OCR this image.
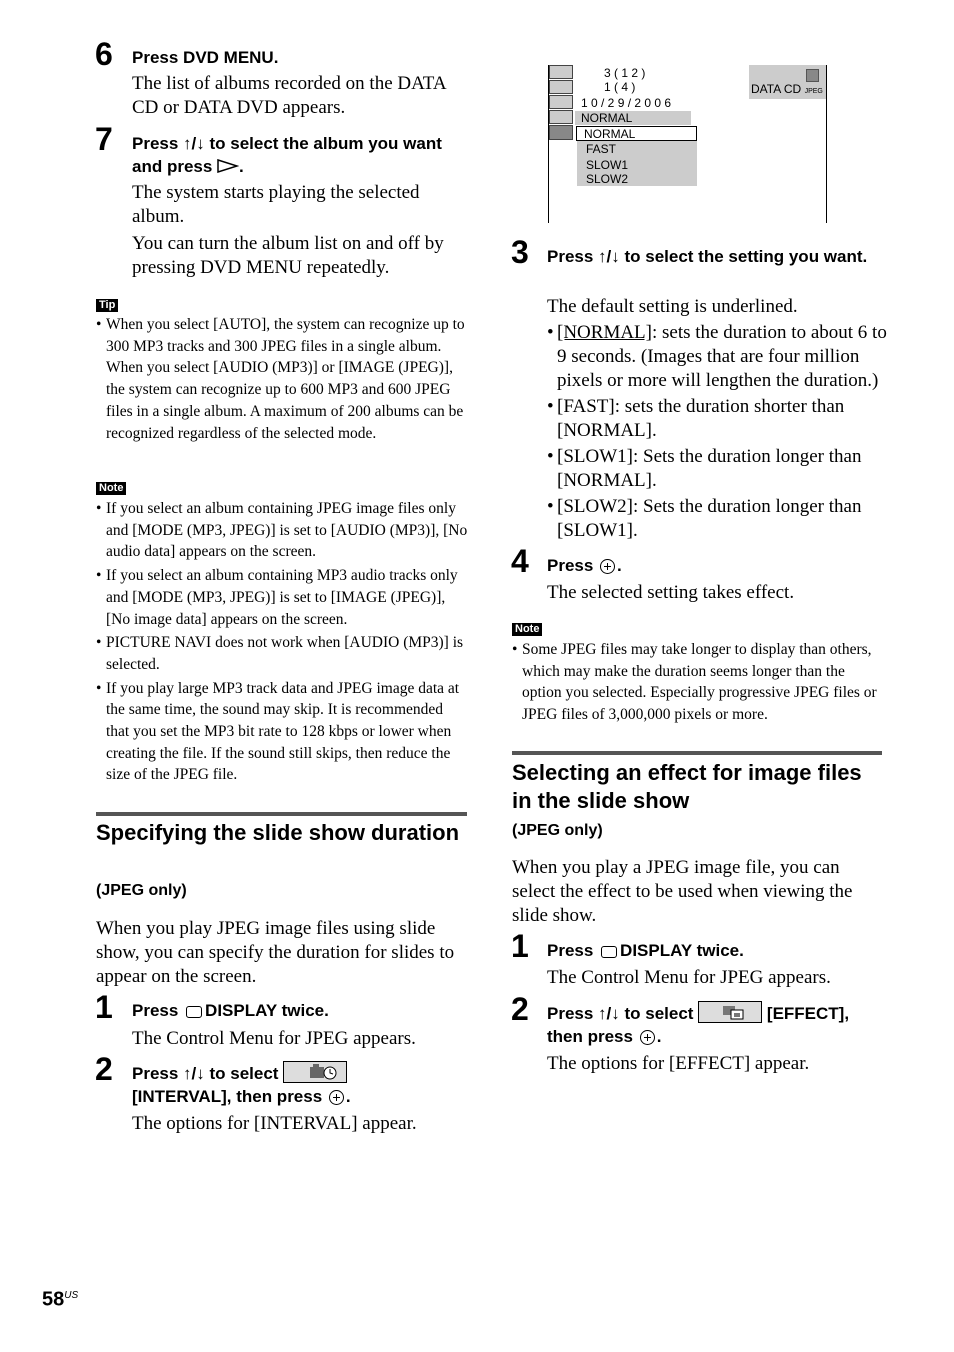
6 Press DVD MENU.
The list of albums recorded on the DATA CD or DATA DVD appears.
7 Press ↑/↓ to select the album you want and press .
The system starts playing the selected album.
You can turn the album list on and off by pressing DVD MENU repeatedly.
Tip
• When you select [AUTO], the system can recognize up to 300 MP3 tracks and 300 JPEG files in a single album. When you select [AUDIO (MP3)] or [IMAGE (JPEG)], the system can recognize up to 600 MP3 and 600 JPEG files in a single album. A maximum of 200 albums can be recognized regardless of the selected mode.
Note
• If you select an album containing JPEG image files only and [MODE (MP3, JPEG)] is set to [AUDIO (MP3)], [No audio data] appears on the screen.
• If you select an album containing MP3 audio tracks only and [MODE (MP3, JPEG)] is set to [IMAGE (JPEG)], [No image data] appears on the screen.
• PICTURE NAVI does not work when [AUDIO (MP3)] is selected.
• If you play large MP3 track data and JPEG image data at the same time, the sound may skip. It is recommended that you set the MP3 bit rate to 128 kbps or lower when creating the file. If the sound still skips, then reduce the size of the JPEG file.
Specifying the slide show duration
(JPEG only)
When you play JPEG image files using slide show, you can specify the duration for slides to appear on the screen.
1 Press DISPLAY twice.
The Control Menu for JPEG appears.
2 Press ↑/↓ to select

[INTERVAL], then press .
The options for [INTERVAL] appear.
3 ( 1 2 )
1 ( 4 )
1 0 / 2 9 / 2 0 0 6
NORMAL
NORMAL
FAST
SLOW1
SLOW2
DATA CD JPEG
3 Press ↑/↓ to select the setting you want.
The default setting is underlined.
• [NORMAL]: sets the duration to about 6 to 9 seconds. (Images that are four million pixels or more will lengthen the duration.)
• [FAST]: sets the duration shorter than [NORMAL].
• [SLOW1]: Sets the duration longer than [NORMAL].
• [SLOW2]: Sets the duration longer than [SLOW1].
4 Press .
The selected setting takes effect.
Note
• Some JPEG files may take longer to display than others, which may make the duration seems longer than the option you selected. Especially progressive JPEG files or JPEG files of 3,000,000 pixels or more.
Selecting an effect for image files in the slide show
(JPEG only)
When you play a JPEG image file, you can select the effect to be used when viewing the slide show.
1 Press DISPLAY twice.
The Control Menu for JPEG appears.
2 Press ↑/↓ to select	[EFFECT],
then press .
The options for [EFFECT] appear.
$58^{US}$
